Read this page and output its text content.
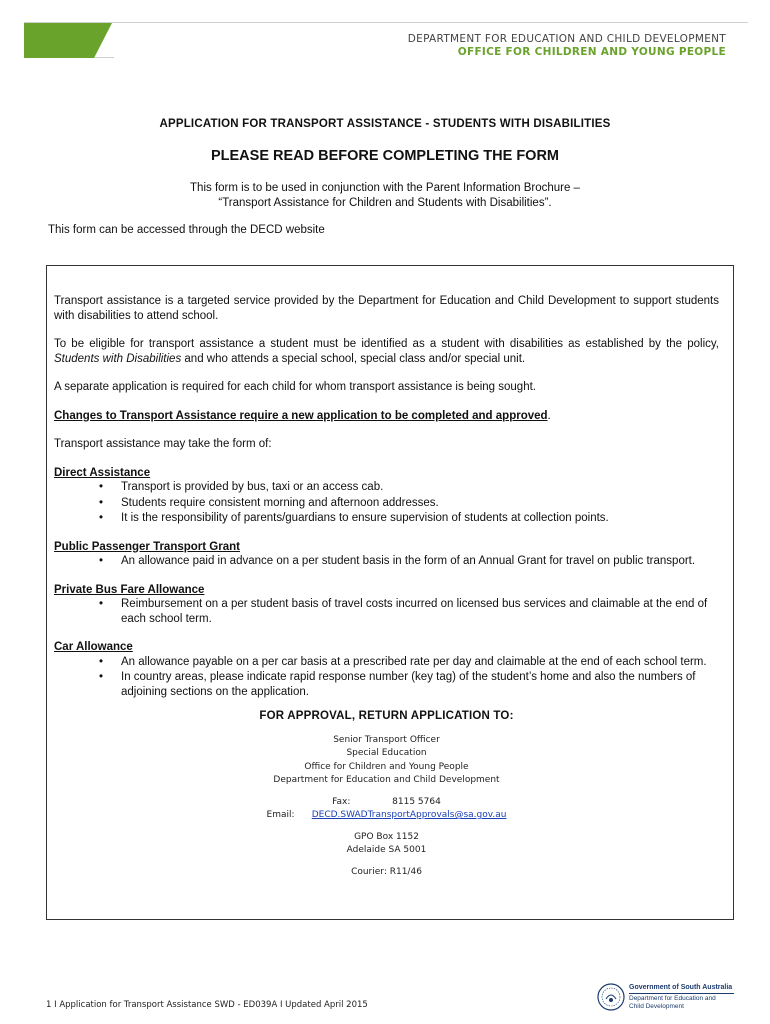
DEPARTMENT FOR EDUCATION AND CHILD DEVELOPMENT
OFFICE FOR CHILDREN AND YOUNG PEOPLE
APPLICATION FOR TRANSPORT ASSISTANCE - STUDENTS WITH DISABILITIES
PLEASE READ BEFORE COMPLETING THE FORM
This form is to be used in conjunction with the Parent Information Brochure –
“Transport Assistance for Children and Students with Disabilities”.
This form can be accessed through the DECD website

Transport assistance is a targeted service provided by the Department for Education and Child Development to support students with disabilities to attend school.

To be eligible for transport assistance a student must be identified as a student with disabilities as established by the policy, Students with Disabilities and who attends a special school, special class and/or special unit.

A separate application is required for each child for whom transport assistance is being sought.

Changes to Transport Assistance require a new application to be completed and approved.

Transport assistance may take the form of:

Direct Assistance
• Transport is provided by bus, taxi or an access cab.
• Students require consistent morning and afternoon addresses.
• It is the responsibility of parents/guardians to ensure supervision of students at collection points.
Public Passenger Transport Grant
• An allowance paid in advance on a per student basis in the form of an Annual Grant for travel on public transport.
Private Bus Fare Allowance
• Reimbursement on a per student basis of travel costs incurred on licensed bus services and claimable at the end of each school term.
Car Allowance
• An allowance payable on a per car basis at a prescribed rate per day and claimable at the end of each school term.
• In country areas, please indicate rapid response number (key tag) of the student’s home and also the numbers of adjoining sections on the application.
FOR APPROVAL, RETURN APPLICATION TO:
Senior Transport Officer
Special Education
Office for Children and Young People
Department for Education and Child Development
Fax:	8115 5764
Email: DECD.SWADTransportApprovals@sa.gov.au
GPO Box 1152
Adelaide SA 5001
Courier: R11/46
1 I Application for Transport Assistance SWD - ED039A I Updated April 2015
Government of South Australia
Department for Education and
Child Development
